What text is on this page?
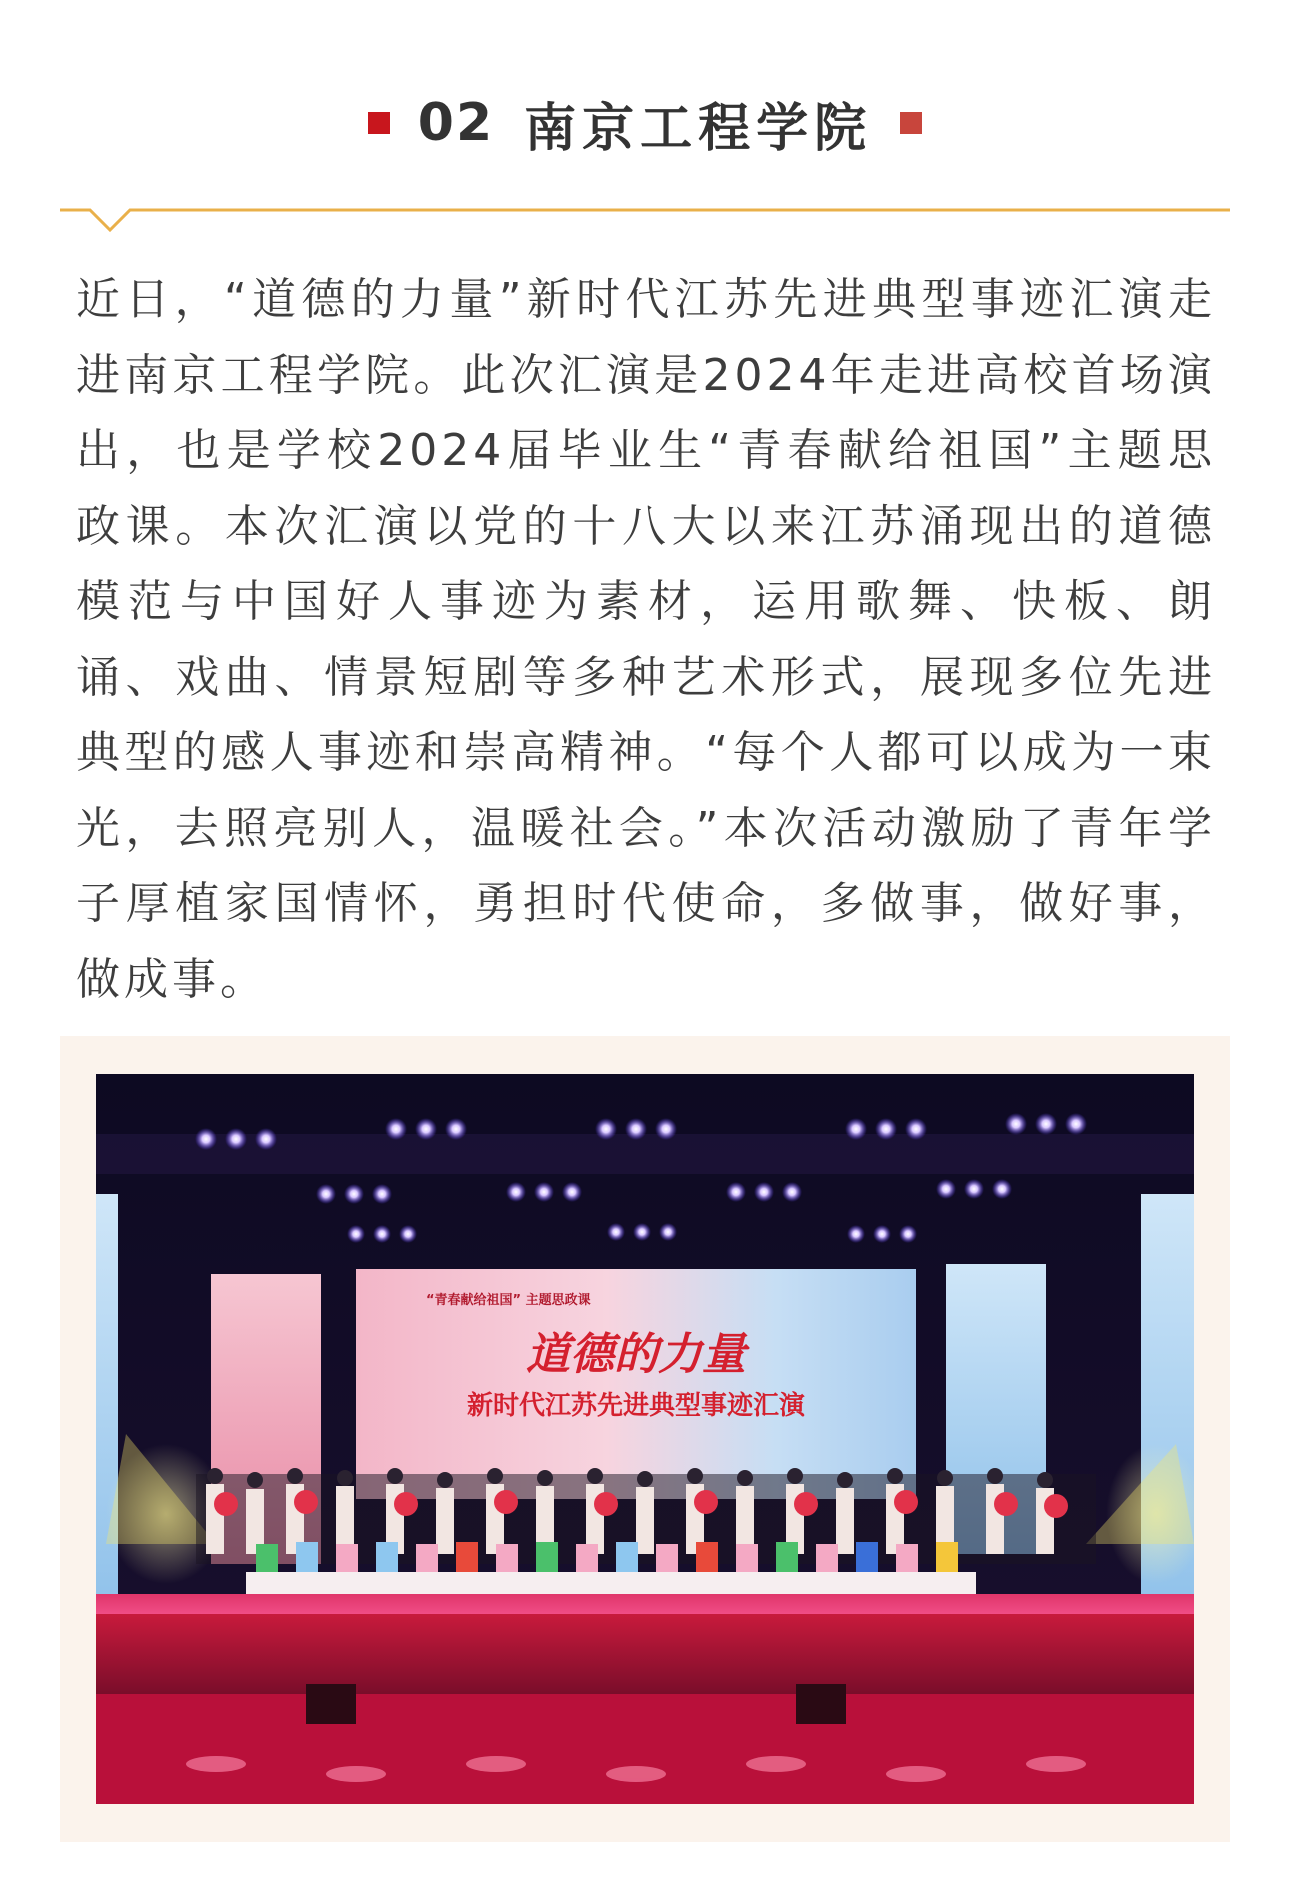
02 南京工程学院

近日，“道德的力量”新时代江苏先进典型事迹汇演走进南京工程学院。此次汇演是2024年走进高校首场演出，也是学校2024届毕业生“青春献给祖国”主题思政课。本次汇演以党的十八大以来江苏涌现出的道德模范与中国好人事迹为素材，运用歌舞、快板、朗诵、戏曲、情景短剧等多种艺术形式，展现多位先进典型的感人事迹和崇高精神。“每个人都可以成为一束光，去照亮别人，温暖社会。”本次活动激励了青年学子厚植家国情怀，勇担时代使命，多做事，做好事，做成事。

“青春献给祖国” 主题思政课
道德的力量
新时代江苏先进典型事迹汇演
